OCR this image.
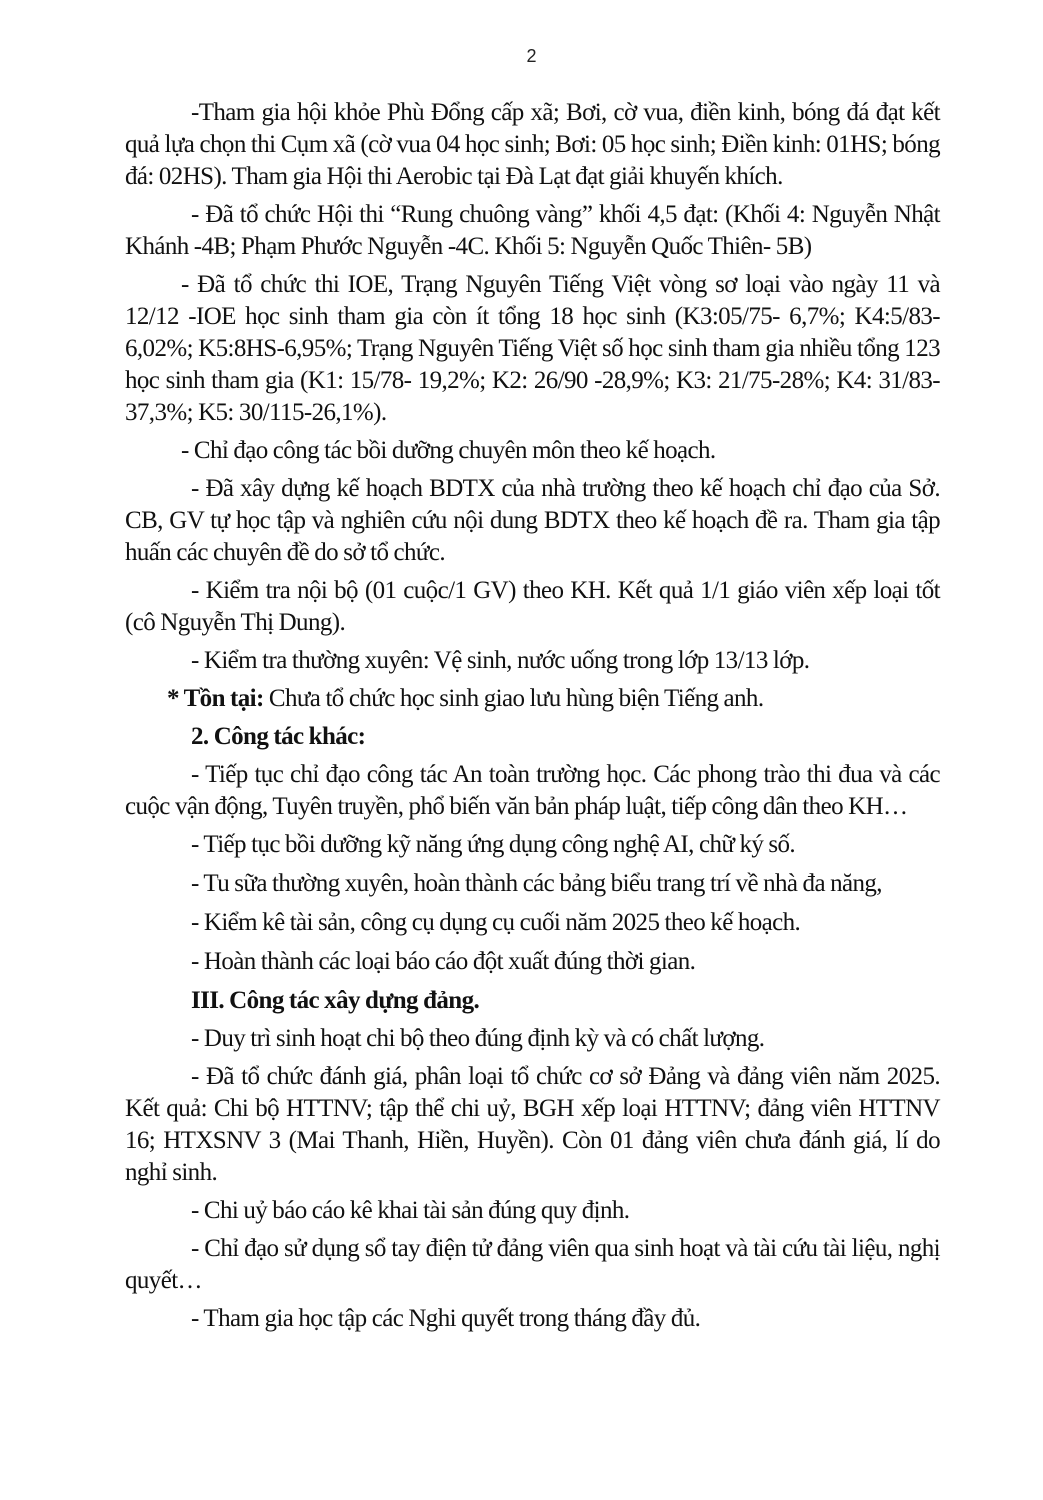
2

-Tham gia hội khỏe Phù Đổng cấp xã; Bơi, cờ vua, điền kinh, bóng đá đạt kết quả lựa chọn thi Cụm xã (cờ vua 04 học sinh; Bơi: 05 học sinh; Điền kinh: 01HS; bóng đá: 02HS). Tham gia Hội thi Aerobic tại Đà Lạt đạt giải khuyến khích.

- Đã tổ chức Hội thi “Rung chuông vàng” khối 4,5 đạt: (Khối 4: Nguyễn Nhật Khánh -4B; Phạm Phước Nguyễn -4C. Khối 5: Nguyễn Quốc Thiên- 5B)

- Đã tổ chức thi IOE, Trạng Nguyên Tiếng Việt vòng sơ loại vào ngày 11 và 12/12 -IOE học sinh tham gia còn ít tổng 18 học sinh (K3:05/75- 6,7%; K4:5/83-6,02%; K5:8HS-6,95%; Trạng Nguyên Tiếng Việt số học sinh tham gia nhiều tổng 123 học sinh tham gia (K1: 15/78- 19,2%; K2: 26/90 -28,9%; K3: 21/75-28%; K4: 31/83-37,3%; K5: 30/115-26,1%).

- Chỉ đạo công tác bồi dưỡng chuyên môn theo kế hoạch.

- Đã xây dựng kế hoạch BDTX của nhà trường theo kế hoạch chỉ đạo của Sở. CB, GV tự học tập và nghiên cứu nội dung BDTX theo kế hoạch đề ra. Tham gia tập huấn các chuyên đề do sở tổ chức.

- Kiểm tra nội bộ (01 cuộc/1 GV) theo KH. Kết quả 1/1 giáo viên xếp loại tốt (cô Nguyễn Thị Dung).

- Kiểm tra thường xuyên: Vệ sinh, nước uống trong lớp 13/13 lớp.

* Tồn tại: Chưa tổ chức học sinh giao lưu hùng biện Tiếng anh.

2. Công tác khác:

- Tiếp tục chỉ đạo công tác An toàn trường học. Các phong trào thi đua và các cuộc vận động, Tuyên truyền, phổ biến văn bản pháp luật, tiếp công dân theo KH…

- Tiếp tục bồi dưỡng kỹ năng ứng dụng công nghệ AI, chữ ký số.

- Tu sữa thường xuyên, hoàn thành các bảng biểu trang trí về nhà đa năng,

- Kiểm kê tài sản, công cụ dụng cụ cuối năm 2025 theo kế hoạch.

- Hoàn thành các loại báo cáo đột xuất đúng thời gian.

III. Công tác xây dựng đảng.

- Duy trì sinh hoạt chi bộ theo đúng định kỳ và có chất lượng.

- Đã tổ chức đánh giá, phân loại tổ chức cơ sở Đảng và đảng viên năm 2025. Kết quả: Chi bộ HTTNV; tập thể chi uỷ, BGH xếp loại HTTNV; đảng viên HTTNV 16; HTXSNV 3 (Mai Thanh, Hiền, Huyền). Còn 01 đảng viên chưa đánh giá, lí do nghỉ sinh.

- Chi uỷ báo cáo kê khai tài sản đúng quy định.

- Chỉ đạo sử dụng sổ tay điện tử đảng viên qua sinh hoạt và tài cứu tài liệu, nghị quyết…

- Tham gia học tập các Nghi quyết trong tháng đầy đủ.
